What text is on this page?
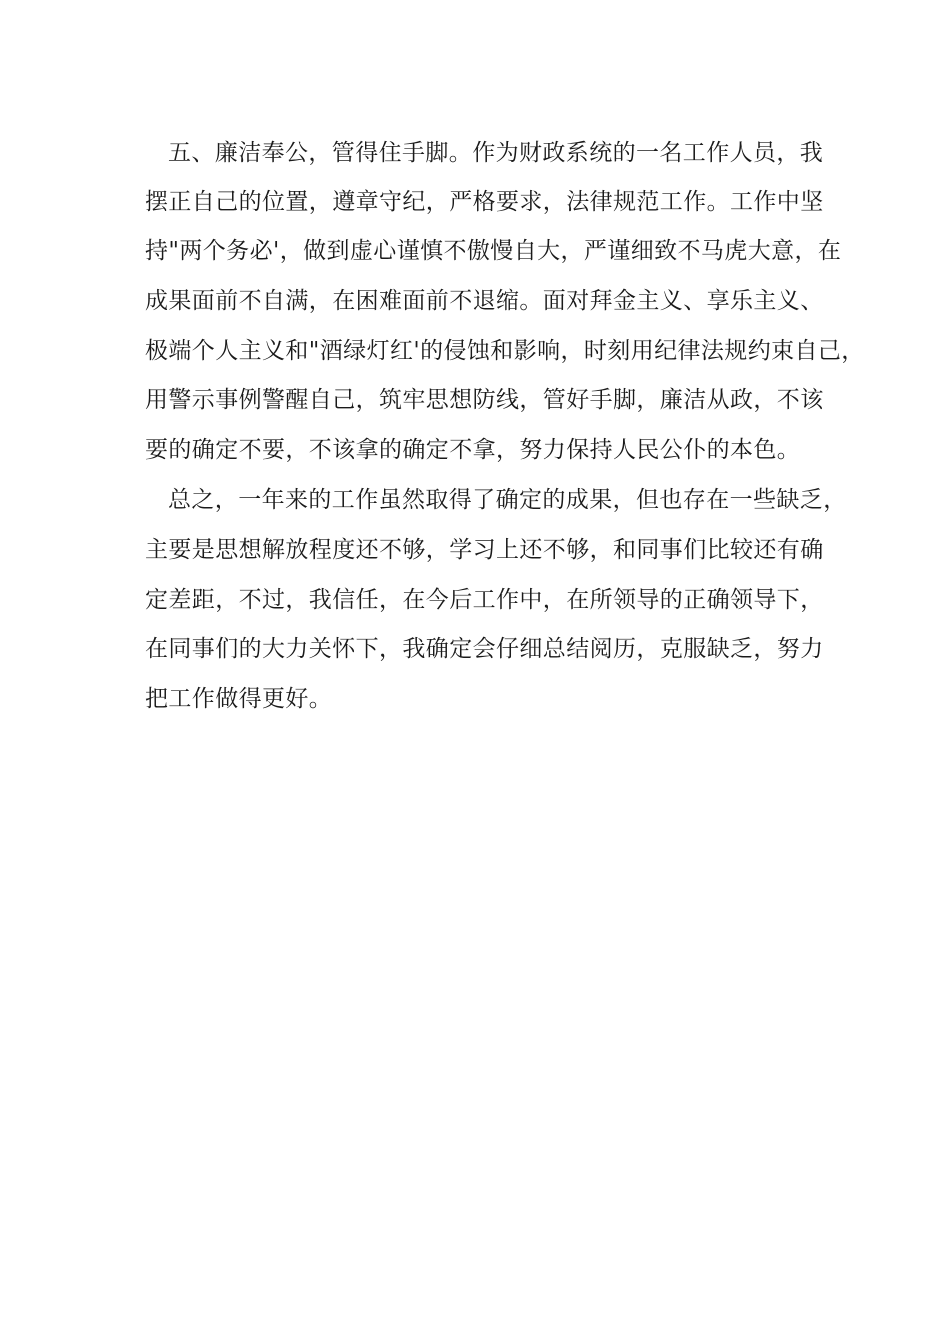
五、廉洁奉公，管得住手脚。作为财政系统的一名工作人员，我
摆正自己的位置，遵章守纪，严格要求，法律规范工作。工作中坚
持"两个务必'，做到虚心谨慎不傲慢自大，严谨细致不马虎大意，在
成果面前不自满，在困难面前不退缩。面对拜金主义、享乐主义、
极端个人主义和"酒绿灯红'的侵蚀和影响，时刻用纪律法规约束自己，
用警示事例警醒自己，筑牢思想防线，管好手脚，廉洁从政，不该
要的确定不要，不该拿的确定不拿，努力保持人民公仆的本色。
总之，一年来的工作虽然取得了确定的成果，但也存在一些缺乏，
主要是思想解放程度还不够，学习上还不够，和同事们比较还有确
定差距，不过，我信任，在今后工作中，在所领导的正确领导下，
在同事们的大力关怀下，我确定会仔细总结阅历，克服缺乏，努力
把工作做得更好。
